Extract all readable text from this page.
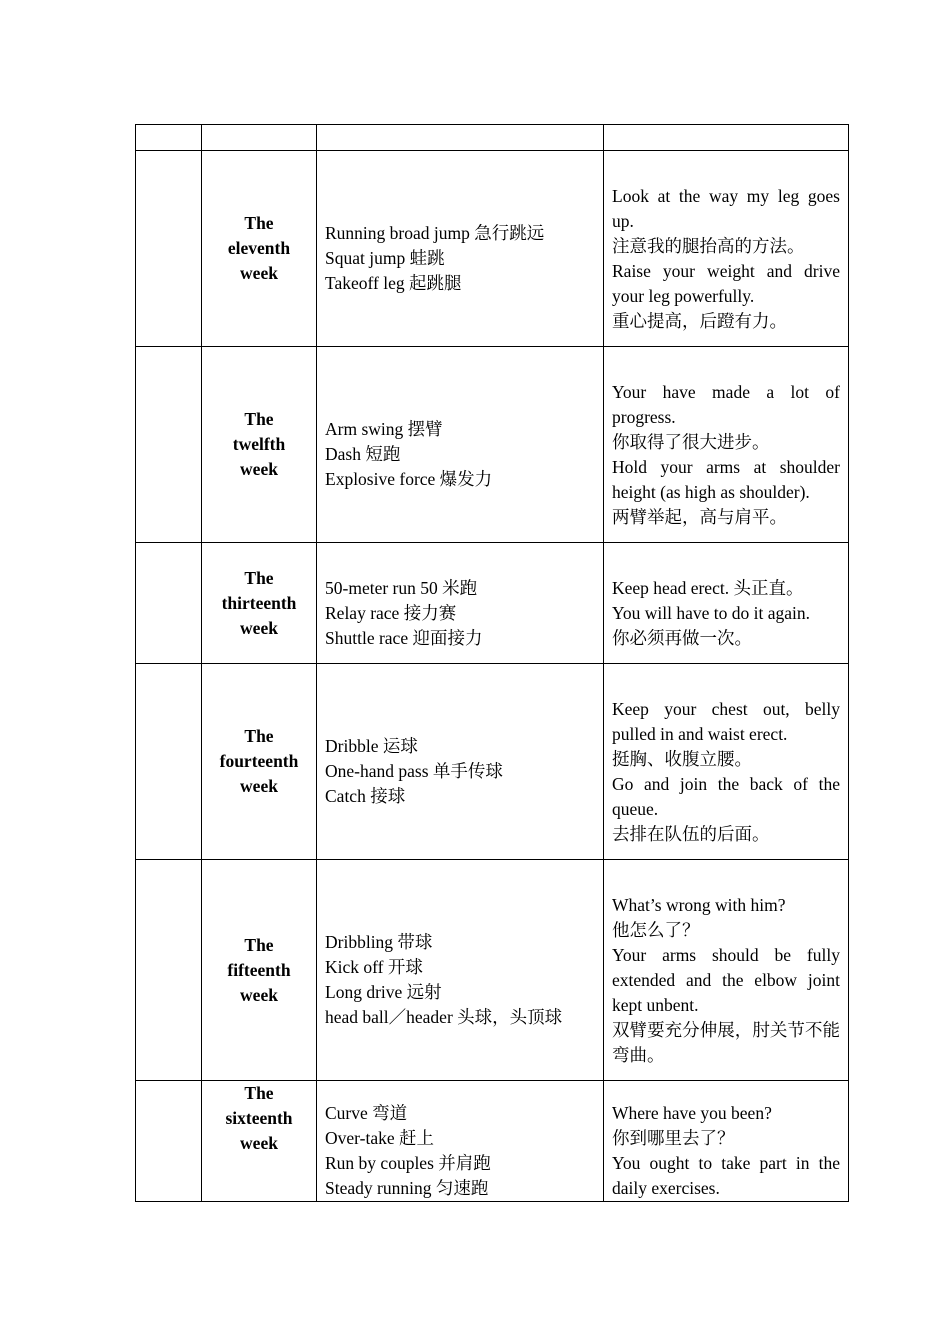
	The
eleventh
week	Running broad jump 急行跳远
Squat jump 蛙跳
Takeoff leg 起跳腿	Look at the way my leg goes up.
注意我的腿抬高的方法。
Raise your weight and drive your leg powerfully.
重心提高，后蹬有力。

	The
twelfth
week	Arm swing 摆臂
Dash 短跑
Explosive force 爆发力	Your have made a lot of progress.
你取得了很大进步。
Hold your arms at shoulder height (as high as shoulder).
两臂举起，高与肩平。

	The
thirteenth
week	50-meter run 50 米跑
Relay race 接力赛
Shuttle race 迎面接力	Keep head erect. 头正直。
You will have to do it again.
你必须再做一次。

	The
fourteenth
week	Dribble 运球
One-hand pass 单手传球
Catch 接球	Keep your chest out, belly pulled in and waist erect.
挺胸、收腹立腰。
Go and join the back of the queue.
去排在队伍的后面。

	The
fifteenth
week	Dribbling 带球
Kick off 开球
Long drive 远射
head ball／header 头球，头顶球	What’s wrong with him?
他怎么了？
Your arms should be fully extended and the elbow joint kept unbent.
双臂要充分伸展，肘关节不能弯曲。

	The
sixteenth
week	Curve 弯道
Over-take 赶上
Run by couples 并肩跑
Steady running 匀速跑	Where have you been?
你到哪里去了？
You ought to take part in the daily exercises.
